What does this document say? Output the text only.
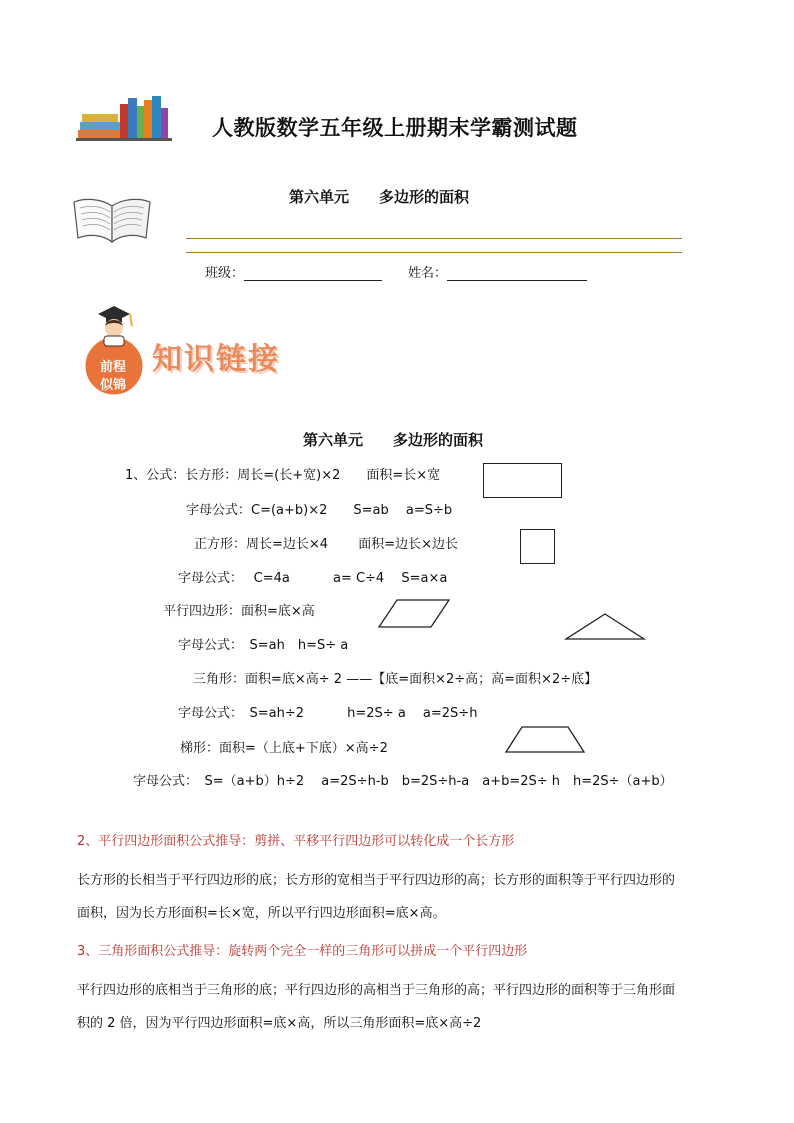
人教版数学五年级上册期末学霸测试题
第六单元 多边形的面积
班级：	姓名：
前程
似锦
知识链接
第六单元 多边形的面积
1、公式：长方形：周长=(长+宽)×2　　面积=长×宽
字母公式：C=(a+b)×2　　S=ab　 a=S÷b
正方形：周长=边长×4　　 面积=边长×边长
字母公式：　 C=4a　　　 a= C÷4　 S=a×a
平行四边形：面积=底×高
字母公式：　S=ah　h=S÷ a
三角形：面积=底×高÷ 2 ——【底=面积×2÷高；高=面积×2÷底】
字母公式：　S=ah÷2　　　 h=2S÷ a　 a=2S÷h
梯形：面积=（上底+下底）×高÷2
字母公式：　S=（a+b）h÷2　 a=2S÷h-b　b=2S÷h-a　a+b=2S÷ h　h=2S÷（a+b）
2、平行四边形面积公式推导：剪拼、平移平行四边形可以转化成一个长方形
长方形的长相当于平行四边形的底；长方形的宽相当于平行四边形的高；长方形的面积等于平行四边形的
面积，因为长方形面积=长×宽，所以平行四边形面积=底×高。
3、三角形面积公式推导：旋转两个完全一样的三角形可以拼成一个平行四边形
平行四边形的底相当于三角形的底；平行四边形的高相当于三角形的高；平行四边形的面积等于三角形面
积的 2 倍，因为平行四边形面积=底×高，所以三角形面积=底×高÷2
